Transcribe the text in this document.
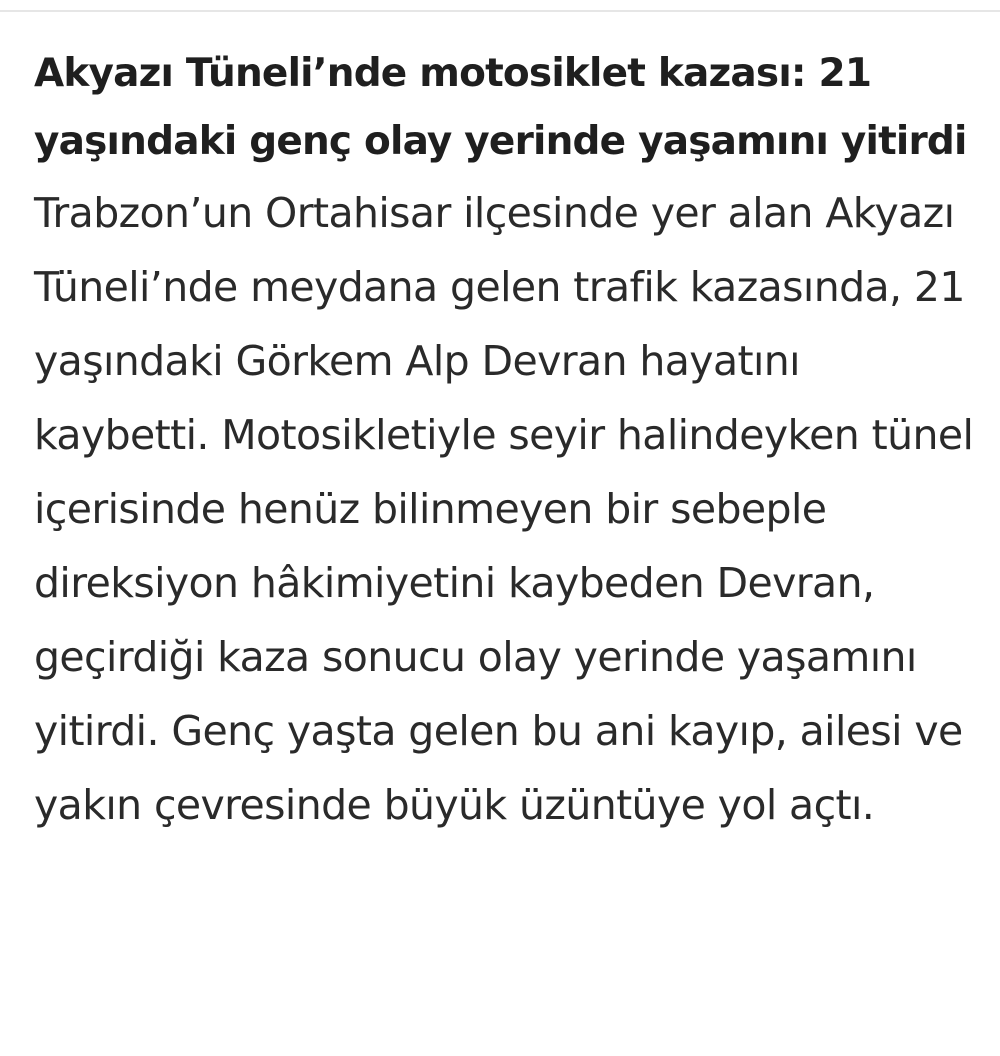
Akyazı Tüneli’nde motosiklet kazası: 21 yaşındaki genç olay yerinde yaşamını yitirdi

Trabzon’un Ortahisar ilçesinde yer alan Akyazı Tüneli’nde meydana gelen trafik kazasında, 21 yaşındaki Görkem Alp Devran hayatını kaybetti. Motosikletiyle seyir halindeyken tünel içerisinde henüz bilinmeyen bir sebeple direksiyon hâkimiyetini kaybeden Devran, geçirdiği kaza sonucu olay yerinde yaşamını yitirdi. Genç yaşta gelen bu ani kayıp, ailesi ve yakın çevresinde büyük üzüntüye yol açtı.
